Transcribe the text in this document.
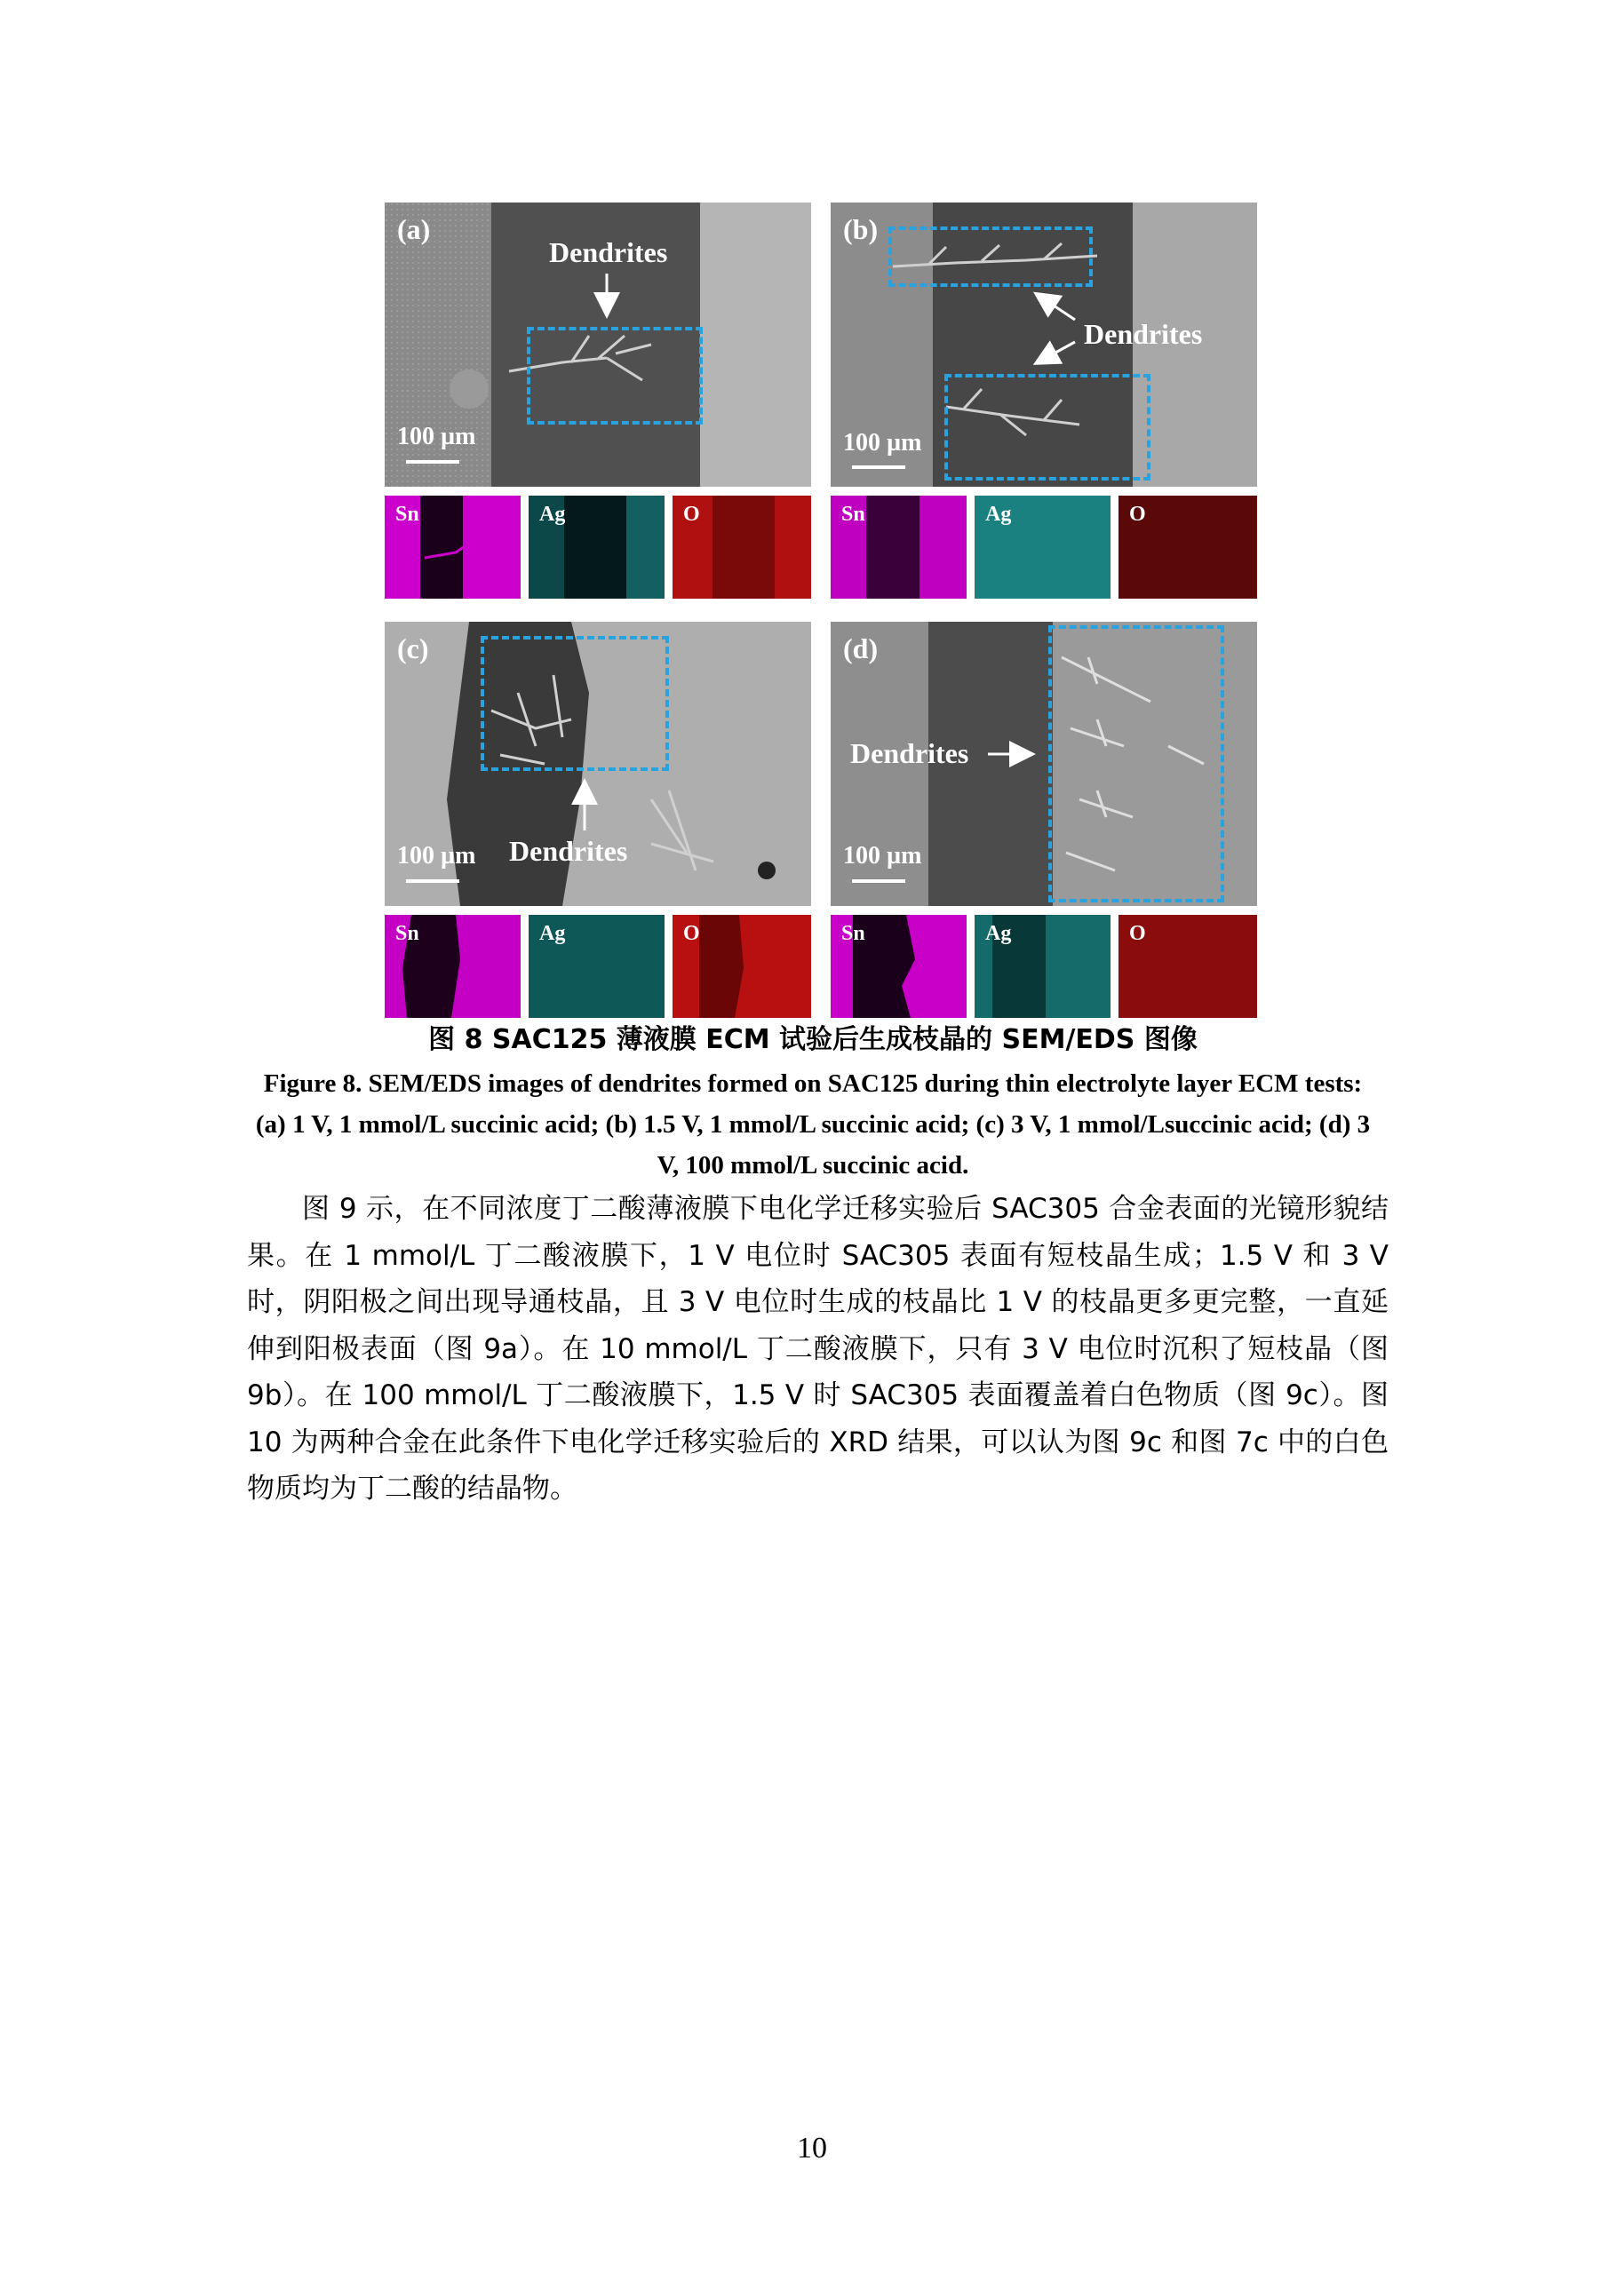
(a)
Dendrites
100 µm
(b)
Dendrites
100 µm
Sn	Ag	O	Sn	Ag	O
(c)
Dendrites
100 µm
(d)
Dendrites
100 µm
Sn	Ag	O	Sn	Ag	O
图 8 SAC125 薄液膜 ECM 试验后生成枝晶的 SEM/EDS 图像
Figure 8. SEM/EDS images of dendrites formed on SAC125 during thin electrolyte layer ECM tests: (a) 1 V, 1 mmol/L succinic acid; (b) 1.5 V, 1 mmol/L succinic acid; (c) 3 V, 1 mmol/Lsuccinic acid; (d) 3 V, 100 mmol/L succinic acid.

图 9 示，在不同浓度丁二酸薄液膜下电化学迁移实验后 SAC305 合金表面的光镜形貌结果。在 1 mmol/L 丁二酸液膜下，1 V 电位时 SAC305 表面有短枝晶生成；1.5 V 和 3 V 时，阴阳极之间出现导通枝晶，且 3 V 电位时生成的枝晶比 1 V 的枝晶更多更完整，一直延伸到阳极表面（图 9a）。在 10 mmol/L 丁二酸液膜下，只有 3 V 电位时沉积了短枝晶（图 9b）。在 100 mmol/L 丁二酸液膜下，1.5 V 时 SAC305 表面覆盖着白色物质（图 9c）。图 10 为两种合金在此条件下电化学迁移实验后的 XRD 结果，可以认为图 9c 和图 7c 中的白色物质均为丁二酸的结晶物。

10
